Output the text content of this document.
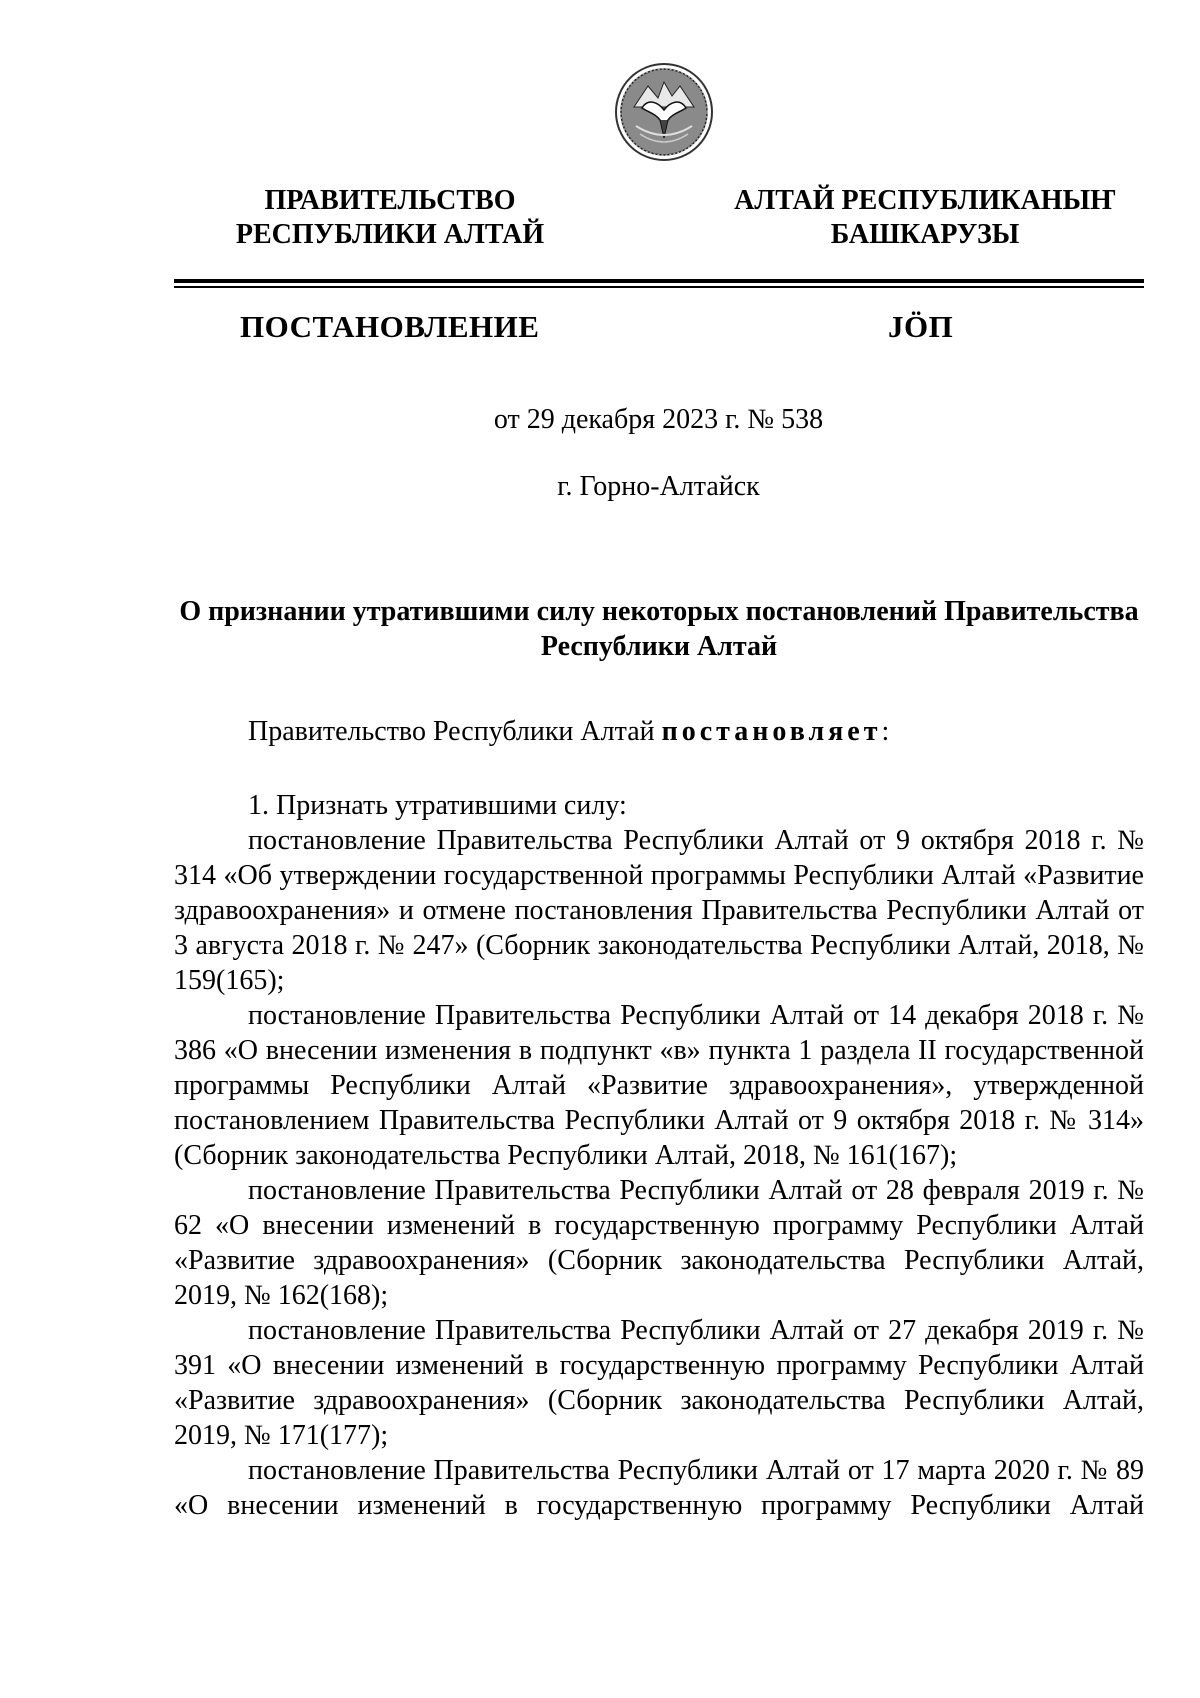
ПРАВИТЕЛЬСТВО
РЕСПУБЛИКИ АЛТАЙ
АЛТАЙ РЕСПУБЛИКАНЫҤ
БАШКАРУЗЫ
ПОСТАНОВЛЕНИЕ	JÖП
от 29 декабря 2023 г. № 538
г. Горно-Алтайск
О признании утратившими силу некоторых постановлений Правительства Республики Алтай
Правительство Республики Алтай постановляет:

1. Признать утратившими силу:

постановление Правительства Республики Алтай от 9 октября 2018 г. № 314 «Об утверждении государственной программы Республики Алтай «Развитие здравоохранения» и отмене постановления Правительства Республики Алтай от 3 августа 2018 г. № 247» (Сборник законодательства Республики Алтай, 2018, № 159(165);

постановление Правительства Республики Алтай от 14 декабря 2018 г. № 386 «О внесении изменения в подпункт «в» пункта 1 раздела II государственной программы Республики Алтай «Развитие здравоохранения», утвержденной постановлением Правительства Республики Алтай от 9 октября 2018 г. № 314» (Сборник законодательства Республики Алтай, 2018, № 161(167);

постановление Правительства Республики Алтай от 28 февраля 2019 г. № 62 «О внесении изменений в государственную программу Республики Алтай «Развитие здравоохранения» (Сборник законодательства Республики Алтай, 2019, № 162(168);

постановление Правительства Республики Алтай от 27 декабря 2019 г. № 391 «О внесении изменений в государственную программу Республики Алтай «Развитие здравоохранения» (Сборник законодательства Республики Алтай, 2019, № 171(177);

постановление Правительства Республики Алтай от 17 марта 2020 г. № 89 «О внесении изменений в государственную программу Республики Алтай
